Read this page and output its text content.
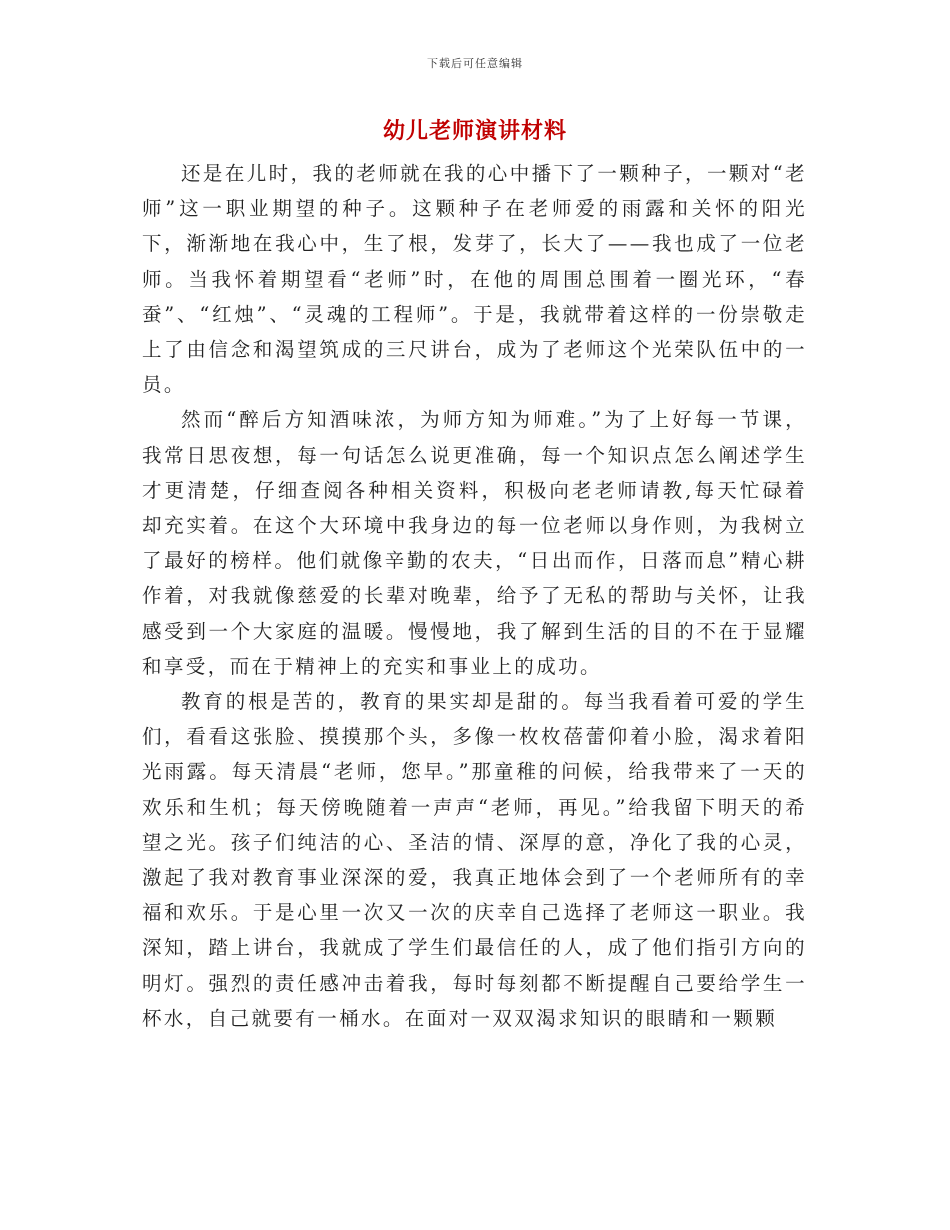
下载后可任意编辑
幼儿老师演讲材料

还是在儿时，我的老师就在我的心中播下了一颗种子，一颗对“老师”这一职业期望的种子。这颗种子在老师爱的雨露和关怀的阳光下，渐渐地在我心中，生了根，发芽了，长大了——我也成了一位老师。当我怀着期望看“老师”时，在他的周围总围着一圈光环，“春蚕”、“红烛”、“灵魂的工程师”。于是，我就带着这样的一份崇敬走上了由信念和渴望筑成的三尺讲台，成为了老师这个光荣队伍中的一员。

然而“醉后方知酒味浓，为师方知为师难。”为了上好每一节课，我常日思夜想，每一句话怎么说更准确，每一个知识点怎么阐述学生才更清楚，仔细查阅各种相关资料，积极向老老师请教,每天忙碌着却充实着。在这个大环境中我身边的每一位老师以身作则，为我树立了最好的榜样。他们就像辛勤的农夫，“日出而作，日落而息”精心耕作着，对我就像慈爱的长辈对晚辈，给予了无私的帮助与关怀，让我感受到一个大家庭的温暖。慢慢地，我了解到生活的目的不在于显耀和享受，而在于精神上的充实和事业上的成功。

教育的根是苦的，教育的果实却是甜的。每当我看着可爱的学生们，看看这张脸、摸摸那个头，多像一枚枚蓓蕾仰着小脸，渴求着阳光雨露。每天清晨“老师，您早。”那童稚的问候，给我带来了一天的欢乐和生机；每天傍晚随着一声声“老师，再见。”给我留下明天的希望之光。孩子们纯洁的心、圣洁的情、深厚的意，净化了我的心灵，激起了我对教育事业深深的爱，我真正地体会到了一个老师所有的幸福和欢乐。于是心里一次又一次的庆幸自己选择了老师这一职业。我深知，踏上讲台，我就成了学生们最信任的人，成了他们指引方向的明灯。强烈的责任感冲击着我，每时每刻都不断提醒自己要给学生一杯水，自己就要有一桶水。在面对一双双渴求知识的眼睛和一颗颗
